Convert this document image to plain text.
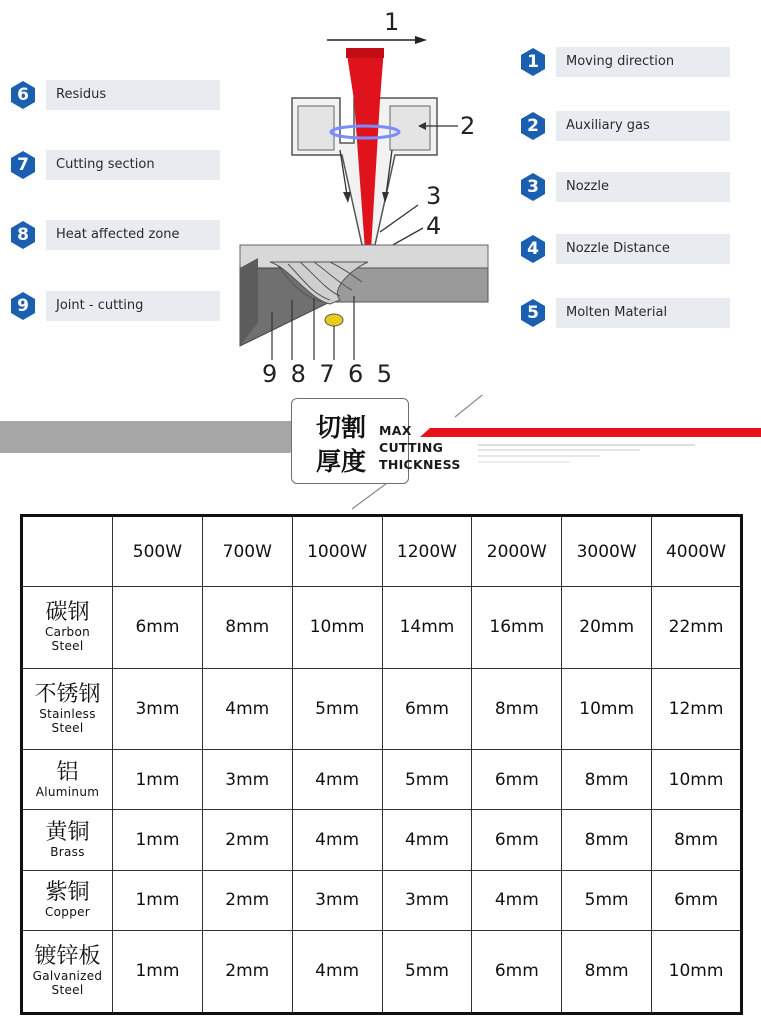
6	Residus
7	Cutting section
8	Heat affected zone
9	Joint - cutting
1	Moving direction
2	Auxiliary gas
3	Nozzle
4	Nozzle Distance
5	Molten Material
1
2
3
4
9 8 7 6 5
切割
厚度
MAX
CUTTING
THICKNESS
	500W	700W	1000W	1200W	2000W	3000W	4000W

碳钢
Carbon
Steel	6mm	8mm	10mm	14mm	16mm	20mm	22mm

不锈钢
Stainless
Steel	3mm	4mm	5mm	6mm	8mm	10mm	12mm

铝
Aluminum	1mm	3mm	4mm	5mm	6mm	8mm	10mm

黄铜
Brass	1mm	2mm	4mm	4mm	6mm	8mm	8mm

紫铜
Copper	1mm	2mm	3mm	3mm	4mm	5mm	6mm

镀锌板
Galvanized
Steel	1mm	2mm	4mm	5mm	6mm	8mm	10mm
